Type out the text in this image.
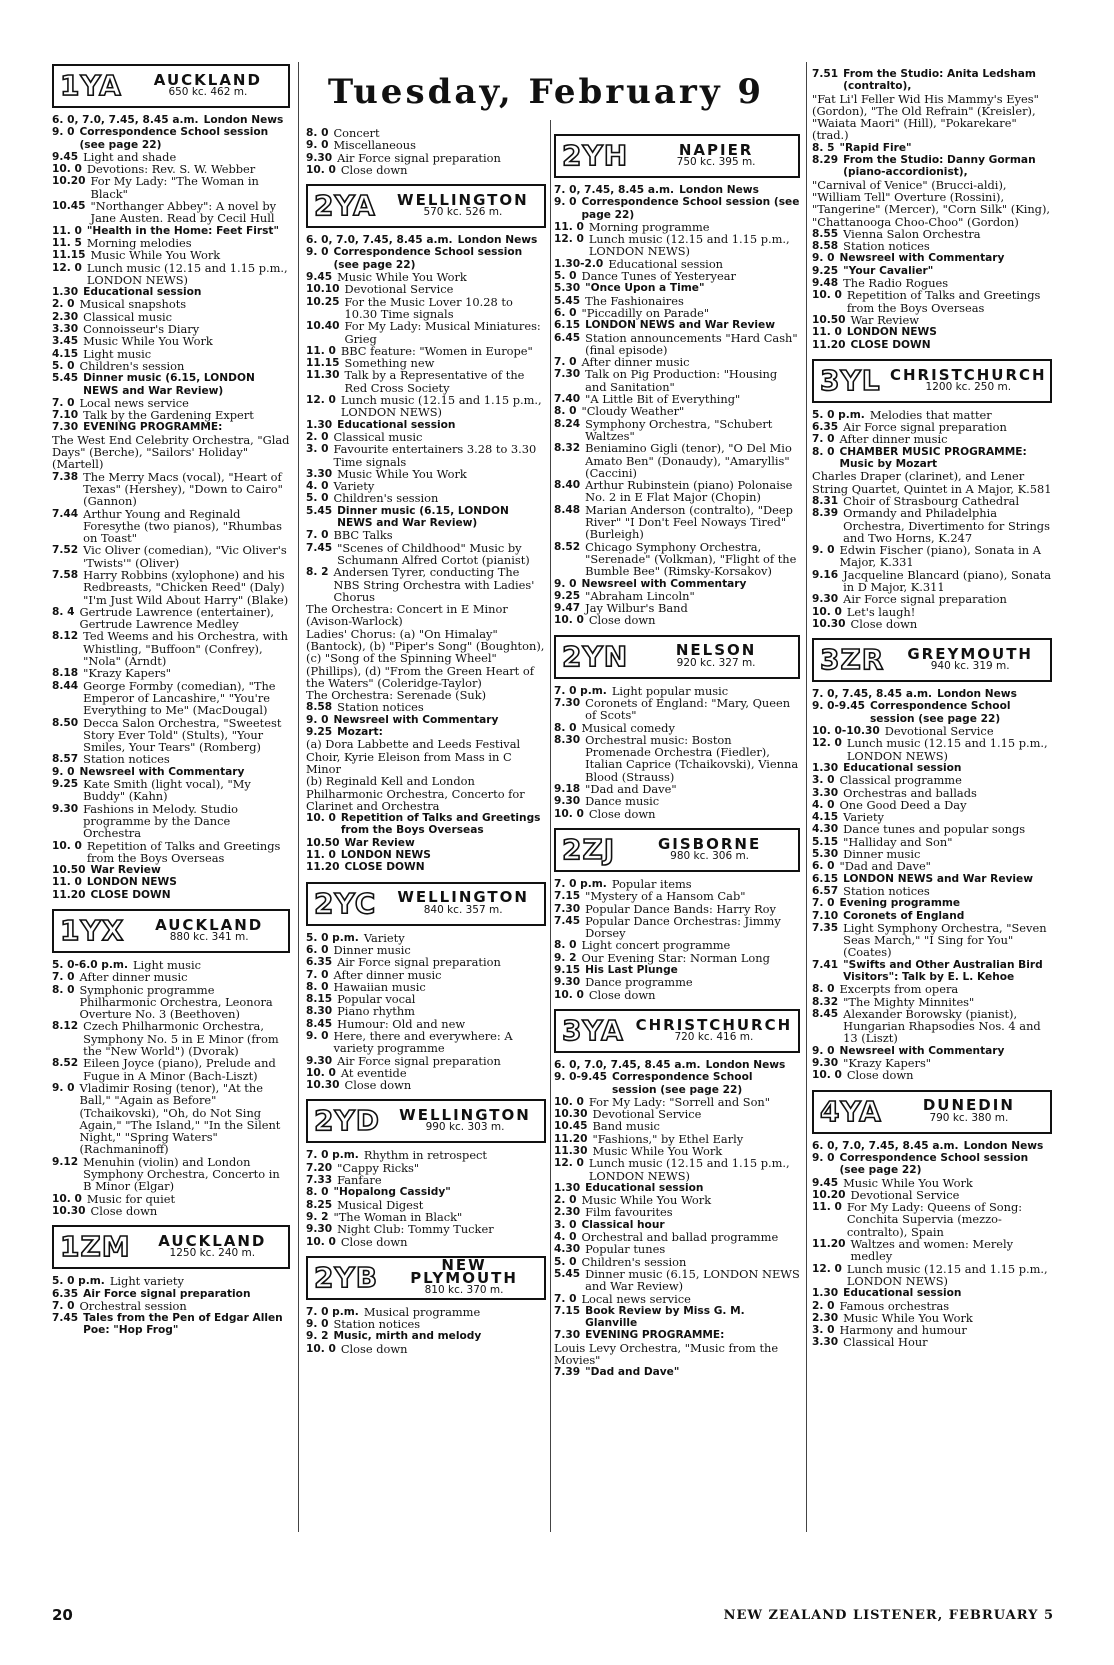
Tuesday, February 9
1YA	AUCKLAND
650 kc. 462 m.
6. 0, 7.0, 7.45, 8.45 a.m. London News
9. 0 Correspondence School session (see page 22)
9.45 Light and shade
10. 0 Devotions: Rev. S. W. Webber
10.20 For My Lady: "The Woman in Black"
10.45 "Northanger Abbey": A novel by Jane Austen. Read by Cecil Hull
11. 0 "Health in the Home: Feet First"
11. 5 Morning melodies
11.15 Music While You Work
12. 0 Lunch music (12.15 and 1.15 p.m., LONDON NEWS)
1.30 Educational session
2. 0 Musical snapshots
2.30 Classical music
3.30 Connoisseur's Diary
3.45 Music While You Work
4.15 Light music
5. 0 Children's session
5.45 Dinner music (6.15, LONDON NEWS and War Review)
7. 0 Local news service
7.10 Talk by the Gardening Expert
7.30 EVENING PROGRAMME:
The West End Celebrity Orchestra, "Glad Days" (Berche), "Sailors' Holiday" (Martell)
7.38 The Merry Macs (vocal), "Heart of Texas" (Hershey), "Down to Cairo" (Gannon)
7.44 Arthur Young and Reginald Foresythe (two pianos), "Rhumbas on Toast"
7.52 Vic Oliver (comedian), "Vic Oliver's 'Twists'" (Oliver)
7.58 Harry Robbins (xylophone) and his Redbreasts, "Chicken Reed" (Daly) "I'm Just Wild About Harry" (Blake)
8. 4 Gertrude Lawrence (entertainer), Gertrude Lawrence Medley
8.12 Ted Weems and his Orchestra, with Whistling, "Buffoon" (Confrey), "Nola" (Arndt)
8.18 "Krazy Kapers"
8.44 George Formby (comedian), "The Emperor of Lancashire," "You're Everything to Me" (MacDougal)
8.50 Decca Salon Orchestra, "Sweetest Story Ever Told" (Stults), "Your Smiles, Your Tears" (Romberg)
8.57 Station notices
9. 0 Newsreel with Commentary
9.25 Kate Smith (light vocal), "My Buddy" (Kahn)
9.30 Fashions in Melody. Studio programme by the Dance Orchestra
10. 0 Repetition of Talks and Greetings from the Boys Overseas
10.50 War Review
11. 0 LONDON NEWS
11.20 CLOSE DOWN
1YX	AUCKLAND
880 kc. 341 m.
5. 0-6.0 p.m. Light music
7. 0 After dinner music
8. 0 Symphonic programme Philharmonic Orchestra, Leonora Overture No. 3 (Beethoven)
8.12 Czech Philharmonic Orchestra, Symphony No. 5 in E Minor (from the "New World") (Dvorak)
8.52 Eileen Joyce (piano), Prelude and Fugue in A Minor (Bach-Liszt)
9. 0 Vladimir Rosing (tenor), "At the Ball," "Again as Before" (Tchaikovski), "Oh, do Not Sing Again," "The Island," "In the Silent Night," "Spring Waters" (Rachmaninoff)
9.12 Menuhin (violin) and London Symphony Orchestra, Concerto in B Minor (Elgar)
10. 0 Music for quiet
10.30 Close down
1ZM	AUCKLAND
1250 kc. 240 m.
5. 0 p.m. Light variety
6.35 Air Force signal preparation
7. 0 Orchestral session
7.45 Tales from the Pen of Edgar Allen Poe: "Hop Frog"
8. 0 Concert
9. 0 Miscellaneous
9.30 Air Force signal preparation
10. 0 Close down
2YA	WELLINGTON
570 kc. 526 m.
6. 0, 7.0, 7.45, 8.45 a.m. London News
9. 0 Correspondence School session (see page 22)
9.45 Music While You Work
10.10 Devotional Service
10.25 For the Music Lover 10.28 to 10.30 Time signals
10.40 For My Lady: Musical Miniatures: Grieg
11. 0 BBC feature: "Women in Europe"
11.15 Something new
11.30 Talk by a Representative of the Red Cross Society
12. 0 Lunch music (12.15 and 1.15 p.m., LONDON NEWS)
1.30 Educational session
2. 0 Classical music
3. 0 Favourite entertainers 3.28 to 3.30 Time signals
3.30 Music While You Work
4. 0 Variety
5. 0 Children's session
5.45 Dinner music (6.15, LONDON NEWS and War Review)
7. 0 BBC Talks
7.45 "Scenes of Childhood" Music by Schumann Alfred Cortot (pianist)
8. 2 Andersen Tyrer, conducting The NBS String Orchestra with Ladies' Chorus
The Orchestra: Concert in E Minor (Avison-Warlock)
Ladies' Chorus: (a) "On Himalay" (Bantock), (b) "Piper's Song" (Boughton), (c) "Song of the Spinning Wheel" (Phillips), (d) "From the Green Heart of the Waters" (Coleridge-Taylor)
The Orchestra: Serenade (Suk)
8.58 Station notices
9. 0 Newsreel with Commentary
9.25 Mozart:
(a) Dora Labbette and Leeds Festival Choir, Kyrie Eleison from Mass in C Minor
(b) Reginald Kell and London Philharmonic Orchestra, Concerto for Clarinet and Orchestra
10. 0 Repetition of Talks and Greetings from the Boys Overseas
10.50 War Review
11. 0 LONDON NEWS
11.20 CLOSE DOWN
2YC	WELLINGTON
840 kc. 357 m.
5. 0 p.m. Variety
6. 0 Dinner music
6.35 Air Force signal preparation
7. 0 After dinner music
8. 0 Hawaiian music
8.15 Popular vocal
8.30 Piano rhythm
8.45 Humour: Old and new
9. 0 Here, there and everywhere: A variety programme
9.30 Air Force signal preparation
10. 0 At eventide
10.30 Close down
2YD	WELLINGTON
990 kc. 303 m.
7. 0 p.m. Rhythm in retrospect
7.20 "Cappy Ricks"
7.33 Fanfare
8. 0 "Hopalong Cassidy"
8.25 Musical Digest
9. 2 "The Woman in Black"
9.30 Night Club: Tommy Tucker
10. 0 Close down
2YB	NEW PLYMOUTH
810 kc. 370 m.
7. 0 p.m. Musical programme
9. 0 Station notices
9. 2 Music, mirth and melody
10. 0 Close down
2YH	NAPIER
750 kc. 395 m.
7. 0, 7.45, 8.45 a.m. London News
9. 0 Correspondence School session (see page 22)
11. 0 Morning programme
12. 0 Lunch music (12.15 and 1.15 p.m., LONDON NEWS)
1.30-2.0 Educational session
5. 0 Dance Tunes of Yesteryear
5.30 "Once Upon a Time"
5.45 The Fashionaires
6. 0 "Piccadilly on Parade"
6.15 LONDON NEWS and War Review
6.45 Station announcements "Hard Cash" (final episode)
7. 0 After dinner music
7.30 Talk on Pig Production: "Housing and Sanitation"
7.40 "A Little Bit of Everything"
8. 0 "Cloudy Weather"
8.24 Symphony Orchestra, "Schubert Waltzes"
8.32 Beniamino Gigli (tenor), "O Del Mio Amato Ben" (Donaudy), "Amaryllis" (Caccini)
8.40 Arthur Rubinstein (piano) Polonaise No. 2 in E Flat Major (Chopin)
8.48 Marian Anderson (contralto), "Deep River" "I Don't Feel Noways Tired" (Burleigh)
8.52 Chicago Symphony Orchestra, "Serenade" (Volkman), "Flight of the Bumble Bee" (Rimsky-Korsakov)
9. 0 Newsreel with Commentary
9.25 "Abraham Lincoln"
9.47 Jay Wilbur's Band
10. 0 Close down
2YN	NELSON
920 kc. 327 m.
7. 0 p.m. Light popular music
7.30 Coronets of England: "Mary, Queen of Scots"
8. 0 Musical comedy
8.30 Orchestral music: Boston Promenade Orchestra (Fiedler), Italian Caprice (Tchaikovski), Vienna Blood (Strauss)
9.18 "Dad and Dave"
9.30 Dance music
10. 0 Close down
2ZJ	GISBORNE
980 kc. 306 m.
7. 0 p.m. Popular items
7.15 "Mystery of a Hansom Cab"
7.30 Popular Dance Bands: Harry Roy
7.45 Popular Dance Orchestras: Jimmy Dorsey
8. 0 Light concert programme
9. 2 Our Evening Star: Norman Long
9.15 His Last Plunge
9.30 Dance programme
10. 0 Close down
3YA CHRISTCHURCH
720 kc. 416 m.
6. 0, 7.0, 7.45, 8.45 a.m. London News
9. 0-9.45 Correspondence School session (see page 22)
10. 0 For My Lady: "Sorrell and Son"
10.30 Devotional Service
10.45 Band music
11.20 "Fashions," by Ethel Early
11.30 Music While You Work
12. 0 Lunch music (12.15 and 1.15 p.m., LONDON NEWS)
1.30 Educational session
2. 0 Music While You Work
2.30 Film favourites
3. 0 Classical hour
4. 0 Orchestral and ballad programme
4.30 Popular tunes
5. 0 Children's session
5.45 Dinner music (6.15, LONDON NEWS and War Review)
7. 0 Local news service
7.15 Book Review by Miss G. M. Glanville
7.30 EVENING PROGRAMME:
Louis Levy Orchestra, "Music from the Movies"
7.39 "Dad and Dave"
7.51 From the Studio: Anita Ledsham (contralto),
"Fat Li'l Feller Wid His Mammy's Eyes" (Gordon), "The Old Refrain" (Kreisler), "Waiata Maori" (Hill), "Pokarekare" (trad.)
8. 5 "Rapid Fire"
8.29 From the Studio: Danny Gorman (piano-accordionist),
"Carnival of Venice" (Brucci-aldi), "William Tell" Overture (Rossini), "Tangerine" (Mercer), "Corn Silk" (King), "Chattanooga Choo-Choo" (Gordon)
8.55 Vienna Salon Orchestra
8.58 Station notices
9. 0 Newsreel with Commentary
9.25 "Your Cavalier"
9.48 The Radio Rogues
10. 0 Repetition of Talks and Greetings from the Boys Overseas
10.50 War Review
11. 0 LONDON NEWS
11.20 CLOSE DOWN
3YL CHRISTCHURCH
1200 kc. 250 m.
5. 0 p.m. Melodies that matter
6.35 Air Force signal preparation
7. 0 After dinner music
8. 0 CHAMBER MUSIC PROGRAMME: Music by Mozart
Charles Draper (clarinet), and Lener String Quartet, Quintet in A Major, K.581
8.31 Choir of Strasbourg Cathedral
8.39 Ormandy and Philadelphia Orchestra, Divertimento for Strings and Two Horns, K.247
9. 0 Edwin Fischer (piano), Sonata in A Major, K.331
9.16 Jacqueline Blancard (piano), Sonata in D Major, K.311
9.30 Air Force signal preparation
10. 0 Let's laugh!
10.30 Close down
3ZR	GREYMOUTH
940 kc. 319 m.
7. 0, 7.45, 8.45 a.m. London News
9. 0-9.45 Correspondence School session (see page 22)
10. 0-10.30 Devotional Service
12. 0 Lunch music (12.15 and 1.15 p.m., LONDON NEWS)
1.30 Educational session
3. 0 Classical programme
3.30 Orchestras and ballads
4. 0 One Good Deed a Day
4.15 Variety
4.30 Dance tunes and popular songs
5.15 "Halliday and Son"
5.30 Dinner music
6. 0 "Dad and Dave"
6.15 LONDON NEWS and War Review
6.57 Station notices
7. 0 Evening programme
7.10 Coronets of England
7.35 Light Symphony Orchestra, "Seven Seas March," "I Sing for You" (Coates)
7.41 "Swifts and Other Australian Bird Visitors": Talk by E. L. Kehoe
8. 0 Excerpts from opera
8.32 "The Mighty Minnites"
8.45 Alexander Borowsky (pianist), Hungarian Rhapsodies Nos. 4 and 13 (Liszt)
9. 0 Newsreel with Commentary
9.30 "Krazy Kapers"
10. 0 Close down
4YA	DUNEDIN
790 kc. 380 m.
6. 0, 7.0, 7.45, 8.45 a.m. London News
9. 0 Correspondence School session (see page 22)
9.45 Music While You Work
10.20 Devotional Service
11. 0 For My Lady: Queens of Song: Conchita Supervia (mezzo-contralto), Spain
11.20 Waltzes and women: Merely medley
12. 0 Lunch music (12.15 and 1.15 p.m., LONDON NEWS)
1.30 Educational session
2. 0 Famous orchestras
2.30 Music While You Work
3. 0 Harmony and humour
3.30 Classical Hour
20	NEW ZEALAND LISTENER, FEBRUARY 5
